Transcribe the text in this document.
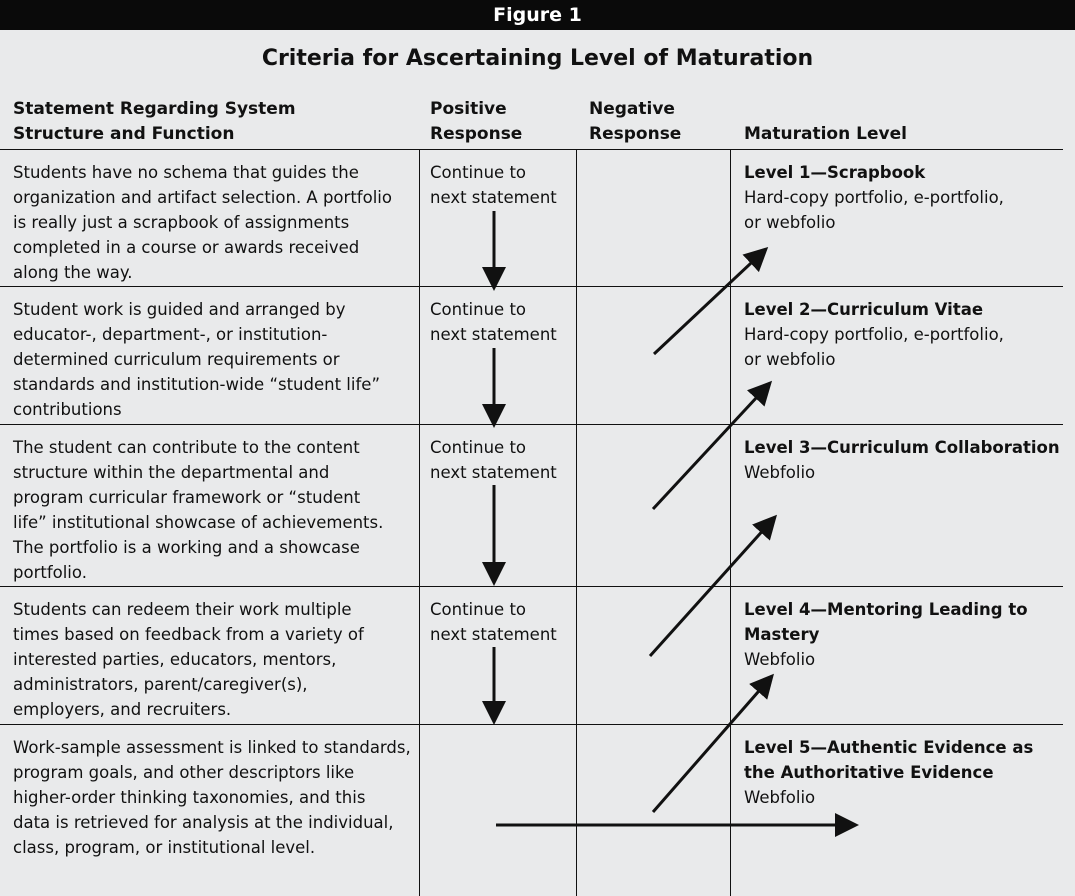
Figure 1
Criteria for Ascertaining Level of Maturation
Statement Regarding System
Structure and Function
Positive
Response
Negative
Response	Maturation Level
Students have no schema that guides the
organization and artifact selection. A portfolio
is really just a scrapbook of assignments
completed in a course or awards received
along the way.
Continue to
next statement
Level 1—Scrapbook
Hard-copy portfolio, e-portfolio,
or webfolio
Student work is guided and arranged by
educator-, department-, or institution-
determined curriculum requirements or
standards and institution-wide “student life”
contributions
Continue to
next statement
Level 2—Curriculum Vitae
Hard-copy portfolio, e-portfolio,
or webfolio
The student can contribute to the content
structure within the departmental and
program curricular framework or “student
life” institutional showcase of achievements.
The portfolio is a working and a showcase
portfolio.
Continue to
next statement
Level 3—Curriculum Collaboration
Webfolio
Students can redeem their work multiple
times based on feedback from a variety of
interested parties, educators, mentors,
administrators, parent/caregiver(s),
employers, and recruiters.
Continue to
next statement
Level 4—Mentoring Leading to
Mastery
Webfolio
Work-sample assessment is linked to standards,
program goals, and other descriptors like
higher-order thinking taxonomies, and this
data is retrieved for analysis at the individual,
class, program, or institutional level.
Level 5—Authentic Evidence as
the Authoritative Evidence
Webfolio
